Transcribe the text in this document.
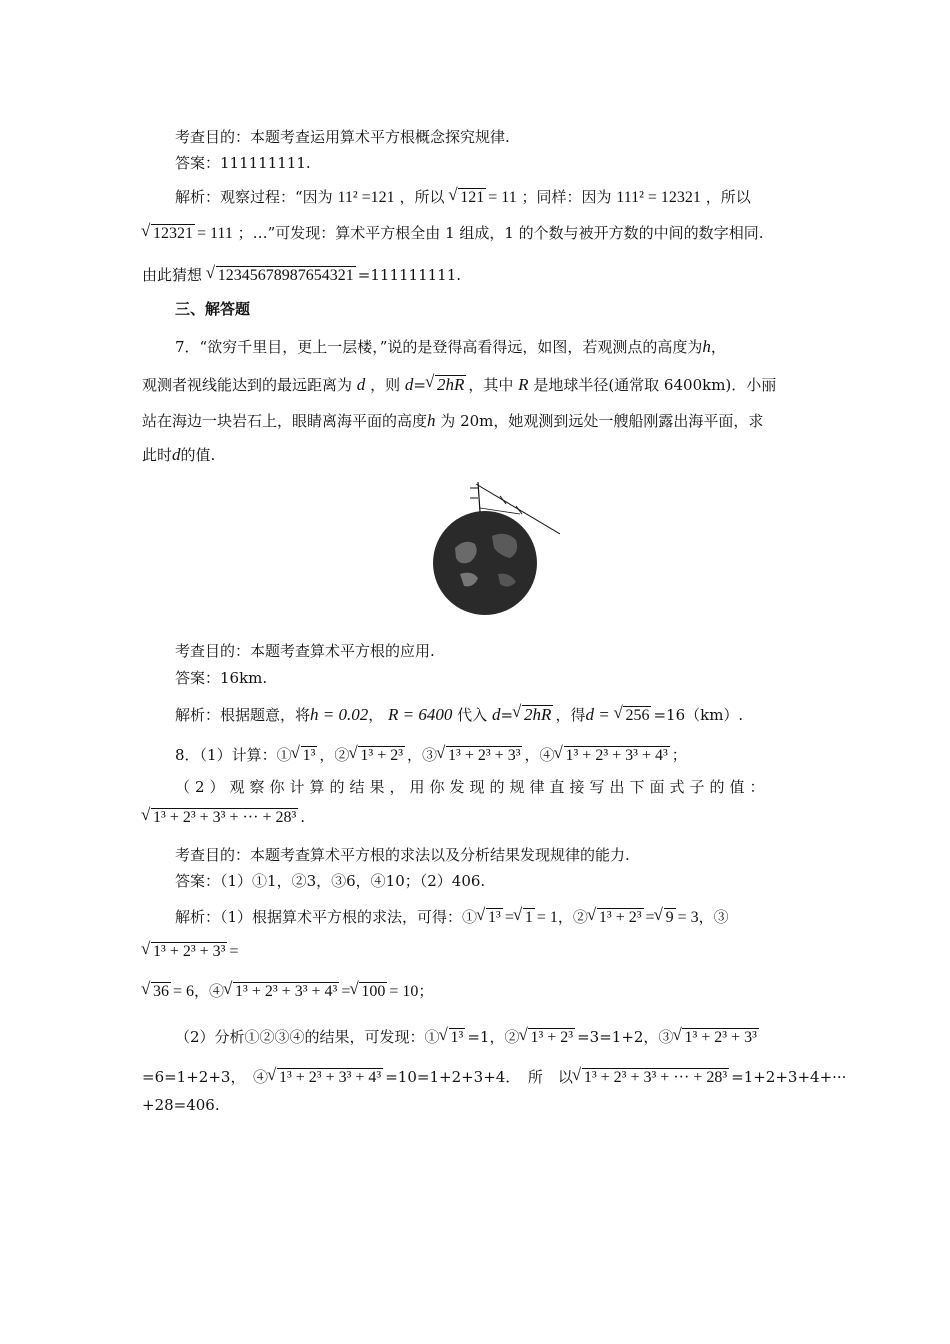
考查目的：本题考查运用算术平方根概念探究规律.
答案：111111111.
解析：观察过程：“因为 11² =121 ，所以 √ 121 = 11 ；同样：因为 111² = 12321 ，所以
√ 12321 = 111 ；…”可发现：算术平方根全由 1 组成，1 的个数与被开方数的中间的数字相同.
由此猜想 √ 12345678987654321 =111111111.
三、解答题
7．“欲穷千里目，更上一层楼，”说的是登得高看得远，如图，若观测点的高度为h，
观测者视线能达到的最远距离为 d ，则 d= √ 2hR ，其中 R 是地球半径(通常取 6400km)．小丽
站在海边一块岩石上，眼睛离海平面的高度h 为 20m，她观测到远处一艘船刚露出海平面，求
此时d的值.
考查目的：本题考查算术平方根的应用.
答案：16km.
解析：根据题意，将h = 0.02， R = 6400 代入 d= √ 2hR ，得d = √ 256 =16（km）.
8．（1）计算：① √ 1³ ，② √ 1³ + 2³ ，③ √ 1³ + 2³ + 3³ ，④ √ 1³ + 2³ + 3³ + 4³ ；
（2）观察你计算的结果，用你发现的规律直接写出下面式子的值：
√ 1³ + 2³ + 3³ + ··· + 28³ .
考查目的：本题考查算术平方根的求法以及分析结果发现规律的能力.
答案：（1）①1，②3，③6，④10；（2）406.
解析：（1）根据算术平方根的求法，可得：① √ 1³ = √ 1 = 1，② √ 1³ + 2³ = √ 9 = 3，③
√ 1³ + 2³ + 3³ =
√ 36 = 6，④ √ 1³ + 2³ + 3³ + 4³ = √ 100 = 10；
（2）分析①②③④的结果，可发现：① √ 1³ =1，② √ 1³ + 2³ =3=1+2，③ √ 1³ + 2³ + 3³
=6=1+2+3，　④ √ 1³ + 2³ + 3³ + 4³ =10=1+2+3+4．　所　以 √ 1³ + 2³ + 3³ + ··· + 28³ =1+2+3+4+···
+28=406.
